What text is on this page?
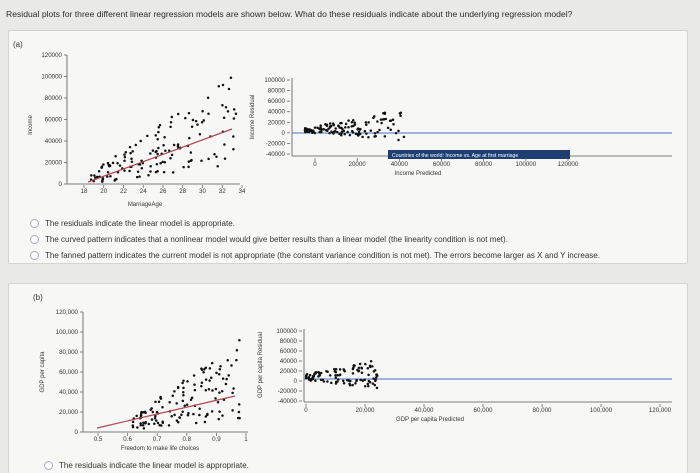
Residual plots for three different linear regression models are shown below. What do these residuals indicate about the underlying regression model?
(a)
120000
100000
80000
60000
40000
20000
0
18 20 22 24 26 28 30 32 34
MarriageAge
Income
100000
80000
60000
40000
20000
0
-20000
-40000	Countries of the world: Income vs. Age at first marriage
0	20000	40000	60000	80000	100000	120000
Income Predicted
Income Residual
The residuals indicate the linear model is appropriate.
The curved pattern indicates that a nonlinear model would give better results than a linear model (the linearity condition is not met).
The fanned pattern indicates the current model is not appropriate (the constant variance condition is not met). The errors become larger as X and Y increase.
(b)
120,000
100,000
80,000
60,000
40,000
20,000
0
0.5	0.6	0.7	0.8	0.9	1
Freedom to make life choices
GDP per capita
100000
80000
60000
40000
20000
0
-20000
-40000
0	20,000	40,000	60,000	80,000	100,000	120,000
GDP per capita Predicted
GDP per capita Residual
The residuals indicate the linear model is appropriate.
